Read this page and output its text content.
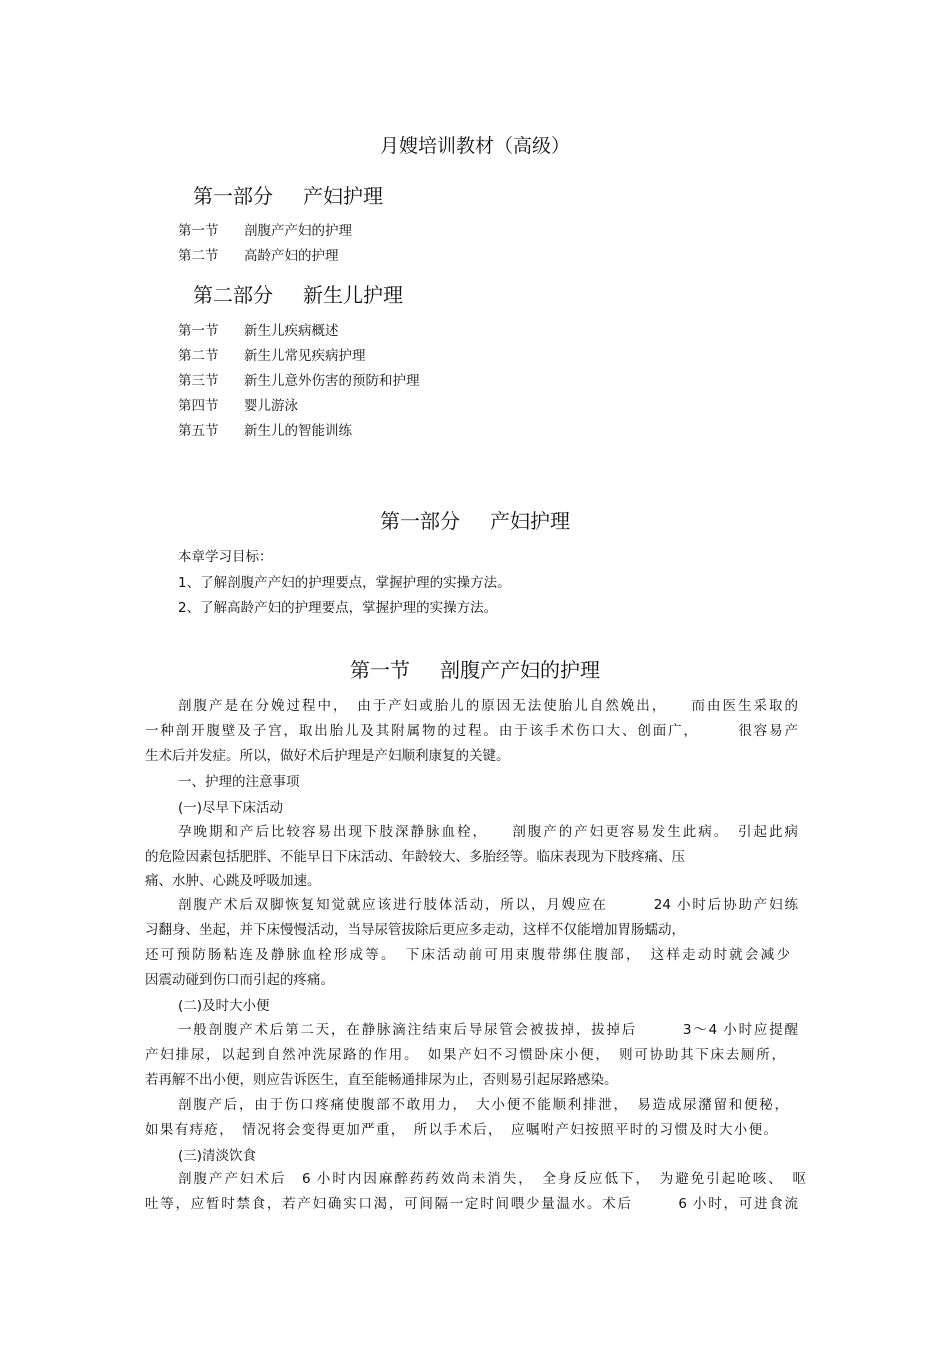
月嫂培训教材（高级）
第一部分 产妇护理
第一节 剖腹产产妇的护理
第二节 高龄产妇的护理
第二部分 新生儿护理
第一节 新生儿疾病概述
第二节 新生儿常见疾病护理
第三节 新生儿意外伤害的预防和护理
第四节 婴儿游泳
第五节 新生儿的智能训练
第一部分 产妇护理
本章学习目标：
1、了解剖腹产产妇的护理要点，掌握护理的实操方法。
2、了解高龄产妇的护理要点，掌握护理的实操方法。
第一节 剖腹产产妇的护理
剖腹产是在分娩过程中，　由于产妇或胎儿的原因无法使胎儿自然娩出，　　而由医生采取的
一种剖开腹壁及子宫，取出胎儿及其附属物的过程。由于该手术伤口大、创面广，　　　很容易产
生术后并发症。所以，做好术后护理是产妇顺利康复的关键。
一、护理的注意事项
(一)尽早下床活动
孕晚期和产后比较容易出现下肢深静脉血栓，　　剖腹产的产妇更容易发生此病。　引起此病
的危险因素包括肥胖、不能早日下床活动、年龄较大、多胎经等。临床表现为下肢疼痛、压
痛、水肿、心跳及呼吸加速。
剖腹产术后双脚恢复知觉就应该进行肢体活动，所以，月嫂应在　　　24 小时后协助产妇练
习翻身、坐起，并下床慢慢活动，当导尿管拔除后更应多走动，这样不仅能增加胃肠蠕动，
还可预防肠粘连及静脉血栓形成等。　下床活动前可用束腹带绑住腹部，　这样走动时就会减少
因震动碰到伤口而引起的疼痛。
(二)及时大小便
一般剖腹产术后第二天，在静脉滴注结束后导尿管会被拔掉，拔掉后　　　3～4 小时应提醒
产妇排尿，以起到自然冲洗尿路的作用。　如果产妇不习惯卧床小便，　则可协助其下床去厕所，
若再解不出小便，则应告诉医生，直至能畅通排尿为止，否则易引起尿路感染。
剖腹产后，由于伤口疼痛使腹部不敢用力，　大小便不能顺利排泄，　易造成尿潴留和便秘，
如果有痔疮，　情况将会变得更加严重，　所以手术后，　应嘱咐产妇按照平时的习惯及时大小便。
(三)清淡饮食
剖腹产产妇术后　6 小时内因麻醉药药效尚未消失，　全身反应低下，　为避免引起呛咳、　呕
吐等，应暂时禁食，若产妇确实口渴，可间隔一定时间喂少量温水。术后　　　6 小时，可进食流
